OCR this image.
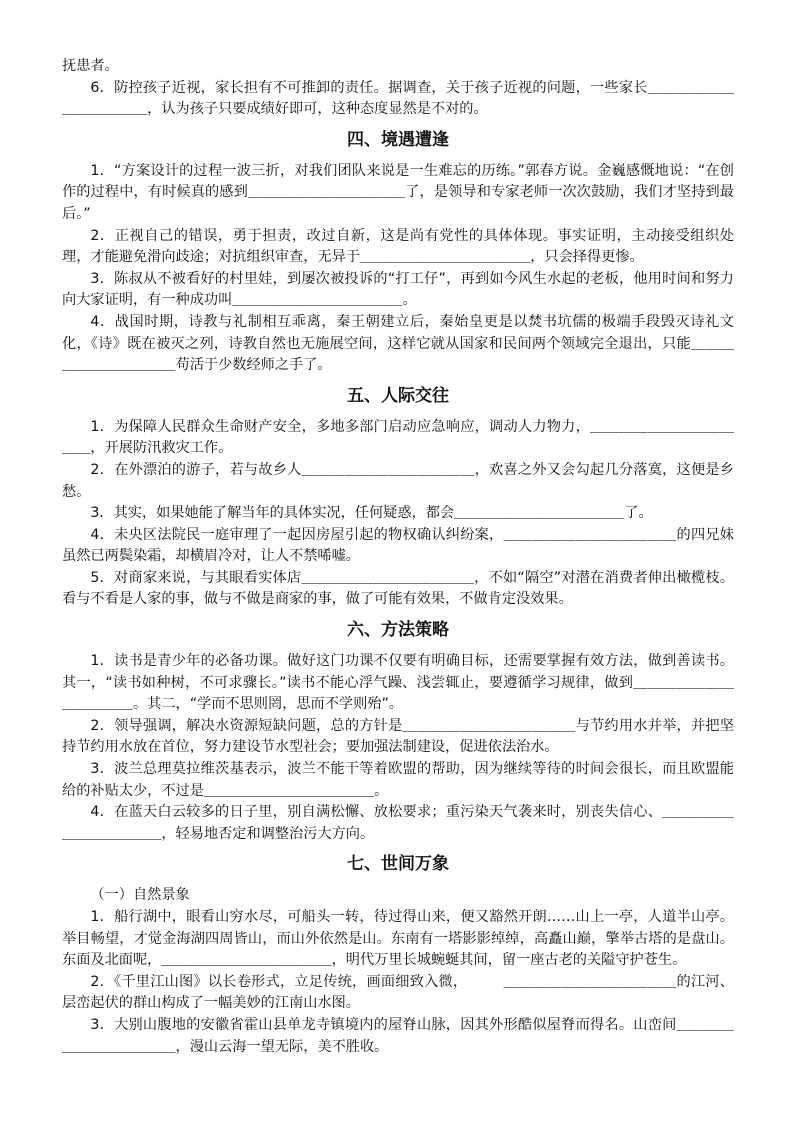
抚患者。

6．防控孩子近视，家长担有不可推卸的责任。据调查，关于孩子近视的问题，一些家长＿＿＿＿＿＿＿＿＿＿＿＿，认为孩子只要成绩好即可，这种态度显然是不对的。

四、境遇遭逢

1．“方案设计的过程一波三折，对我们团队来说是一生难忘的历练。”郭春方说。金巍感慨地说：“在创作的过程中，有时候真的感到＿＿＿＿＿＿＿＿＿＿＿了，是领导和专家老师一次次鼓励，我们才坚持到最后。”

2．正视自己的错误，勇于担责，改过自新，这是尚有党性的具体体现。事实证明，主动接受组织处理，才能避免滑向歧途；对抗组织审查，无异于＿＿＿＿＿＿＿＿＿＿＿＿，只会择得更惨。

3．陈叔从不被看好的村里娃，到屡次被投诉的“打工仔”，再到如今风生水起的老板，他用时间和努力向大家证明，有一种成功叫＿＿＿＿＿＿＿＿＿＿＿＿。

4．战国时期，诗教与礼制相互乖离，秦王朝建立后，秦始皇更是以焚书坑儒的极端手段毁灭诗礼文化，《诗》既在被灭之列，诗教自然也无施展空间，这样它就从国家和民间两个领域完全退出，只能＿＿＿＿＿＿＿＿＿＿＿苟活于少数经师之手了。

五、人际交往

1．为保障人民群众生命财产安全，多地多部门启动应急响应，调动人力物力，＿＿＿＿＿＿＿＿＿＿＿＿，开展防汛救灾工作。

2．在外漂泊的游子，若与故乡人＿＿＿＿＿＿＿＿＿＿＿＿，欢喜之外又会勾起几分落寞，这便是乡愁。

3．其实，如果她能了解当年的具体实况，任何疑惑，都会＿＿＿＿＿＿＿＿＿＿＿＿了。

4．未央区法院民一庭审理了一起因房屋引起的物权确认纠纷案，＿＿＿＿＿＿＿＿＿＿＿＿的四兄妹虽然已两鬓染霜，却横眉冷对，让人不禁唏嘘。

5．对商家来说，与其眼看实体店＿＿＿＿＿＿＿＿＿＿＿＿，不如“隔空”对潜在消费者伸出橄榄枝。看与不看是人家的事，做与不做是商家的事，做了可能有效果，不做肯定没效果。

六、方法策略

1．读书是青少年的必备功课。做好这门功课不仅要有明确目标，还需要掌握有效方法，做到善读书。其一，“读书如种树，不可求骤长。”读书不能心浮气躁、浅尝辄止，要遵循学习规律，做到＿＿＿＿＿＿＿＿＿＿＿＿。其二，“学而不思则罔，思而不学则殆”。

2．领导强调，解决水资源短缺问题，总的方针是＿＿＿＿＿＿＿＿＿＿＿＿与节约用水并举，并把坚持节约用水放在首位，努力建设节水型社会；要加强法制建设，促进依法治水。

3．波兰总理莫拉维茨基表示，波兰不能干等着欧盟的帮助，因为继续等待的时间会很长，而且欧盟能给的补贴太少，不过是＿＿＿＿＿＿＿＿＿＿＿＿。

4．在蓝天白云较多的日子里，别自满松懈、放松要求；重污染天气袭来时，别丧失信心、＿＿＿＿＿＿＿＿＿＿＿＿，轻易地否定和调整治污大方向。

七、世间万象

（一）自然景象

1．船行湖中，眼看山穷水尽，可船头一转，待过得山来，便又豁然开朗……山上一亭，人道半山亭。举目畅望，才觉金海湖四周皆山，而山外依然是山。东南有一塔影影绰绰，高矗山巅，擎举古塔的是盘山。东面及北面呢，＿＿＿＿＿＿＿＿＿＿＿＿，明代万里长城蜿蜒其间，留一座古老的关隘守护苍生。

2．《千里江山图》以长卷形式，立足传统，画面细致入微，　　　＿＿＿＿＿＿＿＿＿＿＿＿的江河、层峦起伏的群山构成了一幅美妙的江南山水图。

3．大别山腹地的安徽省霍山县单龙寺镇境内的屋脊山脉，因其外形酷似屋脊而得名。山峦间＿＿＿＿＿＿＿＿＿＿＿＿，漫山云海一望无际，美不胜收。
